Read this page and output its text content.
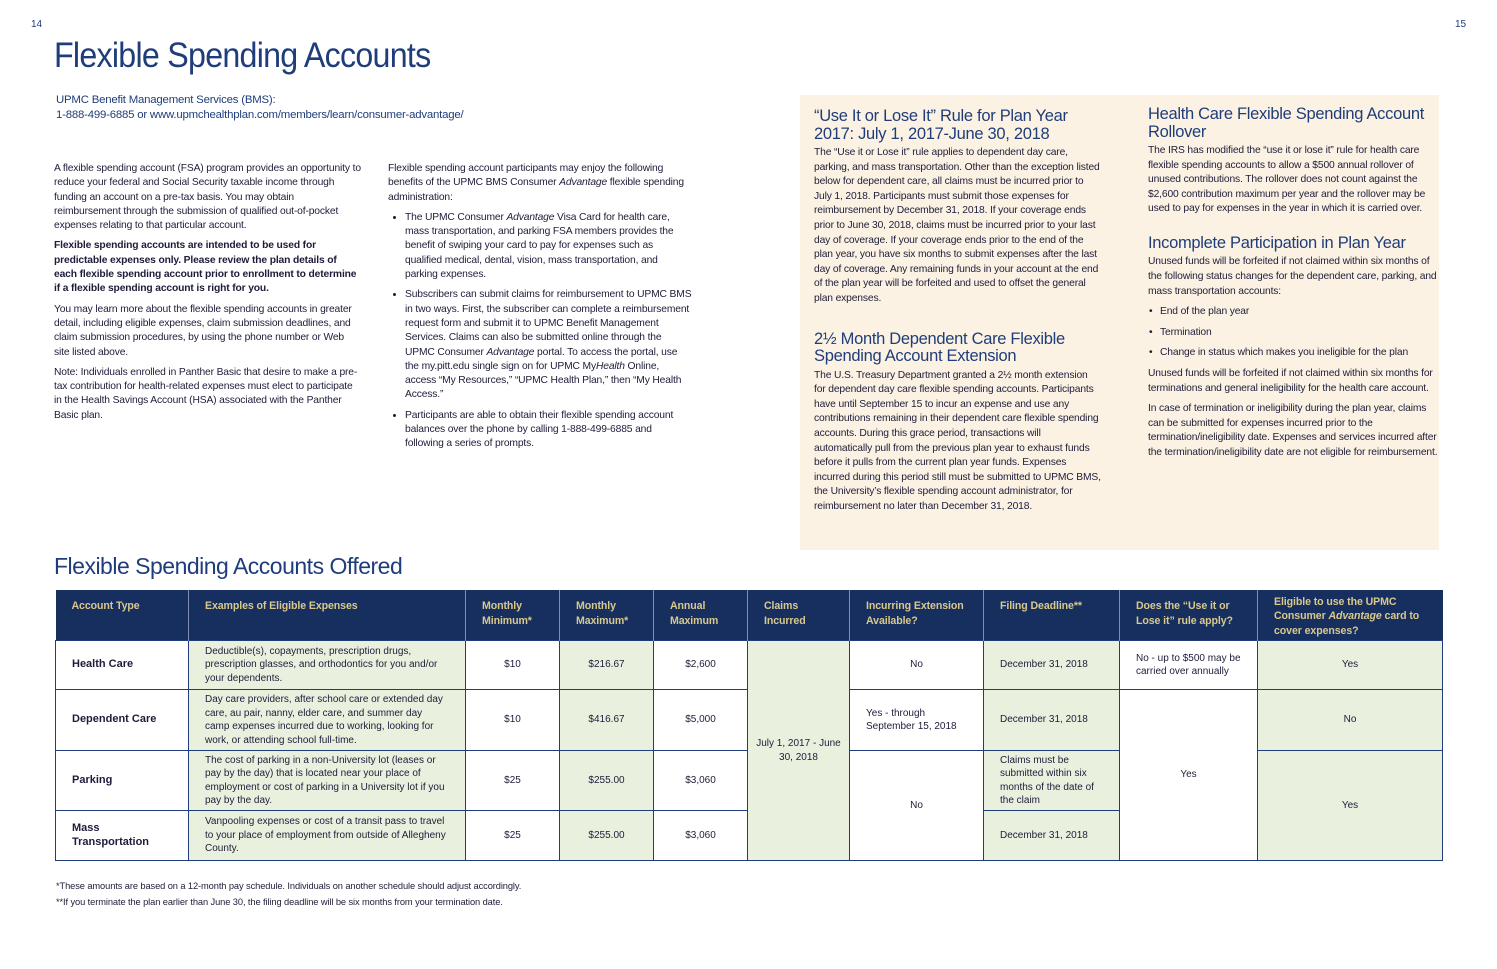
14	15
Flexible Spending Accounts
UPMC Benefit Management Services (BMS):
1-888-499-6885 or www.upmchealthplan.com/members/learn/consumer-advantage/

A flexible spending account (FSA) program provides an opportunity to reduce your federal and Social Security taxable income through funding an account on a pre-tax basis. You may obtain reimbursement through the submission of qualified out-of-pocket expenses relating to that particular account.

Flexible spending accounts are intended to be used for predictable expenses only. Please review the plan details of each flexible spending account prior to enrollment to determine if a flexible spending account is right for you.

You may learn more about the flexible spending accounts in greater detail, including eligible expenses, claim submission deadlines, and claim submission procedures, by using the phone number or Web site listed above.

Note: Individuals enrolled in Panther Basic that desire to make a pre-tax contribution for health-related expenses must elect to participate in the Health Savings Account (HSA) associated with the Panther Basic plan.

Flexible spending account participants may enjoy the following benefits of the UPMC BMS Consumer Advantage flexible spending administration:

• The UPMC Consumer Advantage Visa Card for health care, mass transportation, and parking FSA members provides the benefit of swiping your card to pay for expenses such as qualified medical, dental, vision, mass transportation, and parking expenses.
• Subscribers can submit claims for reimbursement to UPMC BMS in two ways. First, the subscriber can complete a reimbursement request form and submit it to UPMC Benefit Management Services. Claims can also be submitted online through the UPMC Consumer Advantage portal. To access the portal, use the my.pitt.edu single sign on for UPMC MyHealth Online, access “My Resources,” “UPMC Health Plan,” then “My Health Access.”
• Participants are able to obtain their flexible spending account balances over the phone by calling 1-888-499-6885 and following a series of prompts.
“Use It or Lose It” Rule for Plan Year 2017: July 1, 2017-June 30, 2018

The “Use it or Lose it” rule applies to dependent day care, parking, and mass transportation. Other than the exception listed below for dependent care, all claims must be incurred prior to July 1, 2018. Participants must submit those expenses for reimbursement by December 31, 2018. If your coverage ends prior to June 30, 2018, claims must be incurred prior to your last day of coverage. If your coverage ends prior to the end of the plan year, you have six months to submit expenses after the last day of coverage. Any remaining funds in your account at the end of the plan year will be forfeited and used to offset the general plan expenses.

2½ Month Dependent Care Flexible Spending Account Extension

The U.S. Treasury Department granted a 2½ month extension for dependent day care flexible spending accounts. Participants have until September 15 to incur an expense and use any contributions remaining in their dependent care flexible spending accounts. During this grace period, transactions will automatically pull from the previous plan year to exhaust funds before it pulls from the current plan year funds. Expenses incurred during this period still must be submitted to UPMC BMS, the University’s flexible spending account administrator, for reimbursement no later than December 31, 2018.

Health Care Flexible Spending Account Rollover

The IRS has modified the “use it or lose it” rule for health care flexible spending accounts to allow a $500 annual rollover of unused contributions. The rollover does not count against the $2,600 contribution maximum per year and the rollover may be used to pay for expenses in the year in which it is carried over.

Incomplete Participation in Plan Year

Unused funds will be forfeited if not claimed within six months of the following status changes for the dependent care, parking, and mass transportation accounts:

• End of the plan year
• Termination
• Change in status which makes you ineligible for the plan

Unused funds will be forfeited if not claimed within six months for terminations and general ineligibility for the health care account.

In case of termination or ineligibility during the plan year, claims can be submitted for expenses incurred prior to the termination/ineligibility date. Expenses and services incurred after the termination/ineligibility date are not eligible for reimbursement.

Flexible Spending Accounts Offered
Account Type	Examples of Eligible Expenses	Monthly Minimum*	Monthly Maximum*	Annual Maximum	Claims Incurred	Incurring Extension Available?	Filing Deadline**	Does the “Use it or Lose it” rule apply?	Eligible to use the UPMC Consumer Advantage card to cover expenses?
Health Care	Deductible(s), copayments, prescription drugs, prescription glasses, and orthodontics for you and/or your dependents.	$10	$216.67	$2,600	July 1, 2017 - June 30, 2018	No	December 31, 2018	No - up to $500 may be carried over annually	Yes
Dependent Care	Day care providers, after school care or extended day care, au pair, nanny, elder care, and summer day camp expenses incurred due to working, looking for work, or attending school full-time.	$10	$416.67	$5,000		Yes - through September 15, 2018	December 31, 2018	Yes	No
Parking	The cost of parking in a non-University lot (leases or pay by the day) that is located near your place of employment or cost of parking in a University lot if you pay by the day.	$25	$255.00	$3,060		No	Claims must be submitted within six months of the date of the claim		Yes
Mass Transportation	Vanpooling expenses or cost of a transit pass to travel to your place of employment from outside of Allegheny County.	$25	$255.00	$3,060			December 31, 2018		
*These amounts are based on a 12-month pay schedule. Individuals on another schedule should adjust accordingly.
**If you terminate the plan earlier than June 30, the filing deadline will be six months from your termination date.
